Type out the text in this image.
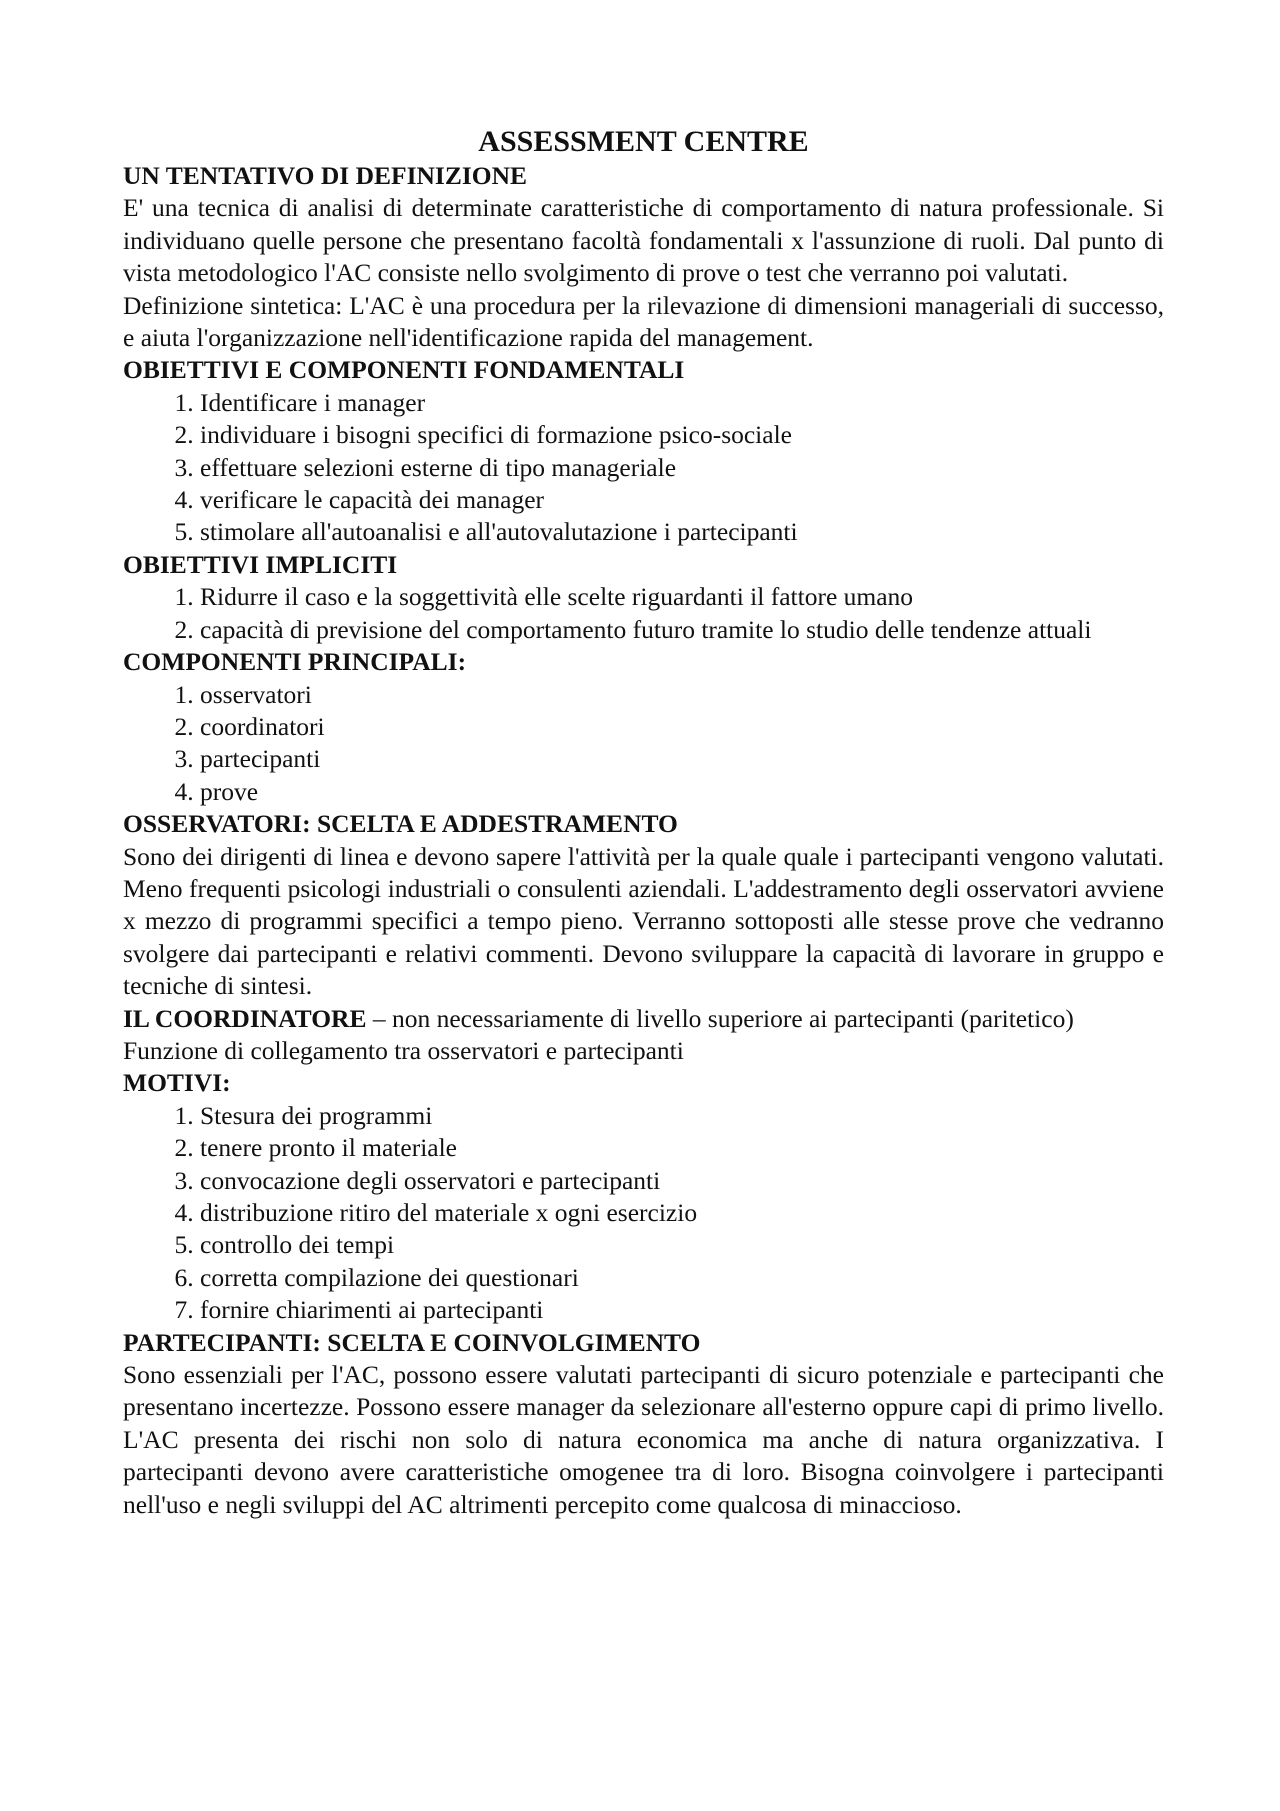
ASSESSMENT CENTRE
UN TENTATIVO DI DEFINIZIONE

E' una tecnica di analisi di determinate caratteristiche di comportamento di natura professionale. Si individuano quelle persone che presentano facoltà fondamentali x l'assunzione di ruoli. Dal punto di vista metodologico l'AC consiste nello svolgimento di prove o test che verranno poi valutati.

Definizione sintetica: L'AC è una procedura per la rilevazione di dimensioni manageriali di successo, e aiuta l'organizzazione nell'identificazione rapida del management.

OBIETTIVI E COMPONENTI FONDAMENTALI
1. Identificare i manager
2. individuare i bisogni specifici di formazione psico-sociale
3. effettuare selezioni esterne di tipo manageriale
4. verificare le capacità dei manager
5. stimolare all'autoanalisi e all'autovalutazione i partecipanti
OBIETTIVI IMPLICITI
1. Ridurre il caso e la soggettività elle scelte riguardanti il fattore umano
2. capacità di previsione del comportamento futuro tramite lo studio delle tendenze attuali
COMPONENTI PRINCIPALI:
1. osservatori
2. coordinatori
3. partecipanti
4. prove
OSSERVATORI: SCELTA E ADDESTRAMENTO

Sono dei dirigenti di linea e devono sapere l'attività per la quale quale i partecipanti vengono valutati. Meno frequenti psicologi industriali o consulenti aziendali. L'addestramento degli osservatori avviene x mezzo di programmi specifici a tempo pieno. Verranno sottoposti alle stesse prove che vedranno svolgere dai partecipanti e relativi commenti. Devono sviluppare la capacità di lavorare in gruppo e tecniche di sintesi.

IL COORDINATORE – non necessariamente di livello superiore ai partecipanti (paritetico)

Funzione di collegamento tra osservatori e partecipanti

MOTIVI:
1. Stesura dei programmi
2. tenere pronto il materiale
3. convocazione degli osservatori e partecipanti
4. distribuzione ritiro del materiale x ogni esercizio
5. controllo dei tempi
6. corretta compilazione dei questionari
7. fornire chiarimenti ai partecipanti
PARTECIPANTI: SCELTA E COINVOLGIMENTO

Sono essenziali per l'AC, possono essere valutati partecipanti di sicuro potenziale e partecipanti che presentano incertezze. Possono essere manager da selezionare all'esterno oppure capi di primo livello. L'AC presenta dei rischi non solo di natura economica ma anche di natura organizzativa. I partecipanti devono avere caratteristiche omogenee tra di loro. Bisogna coinvolgere i partecipanti nell'uso e negli sviluppi del AC altrimenti percepito come qualcosa di minaccioso.
